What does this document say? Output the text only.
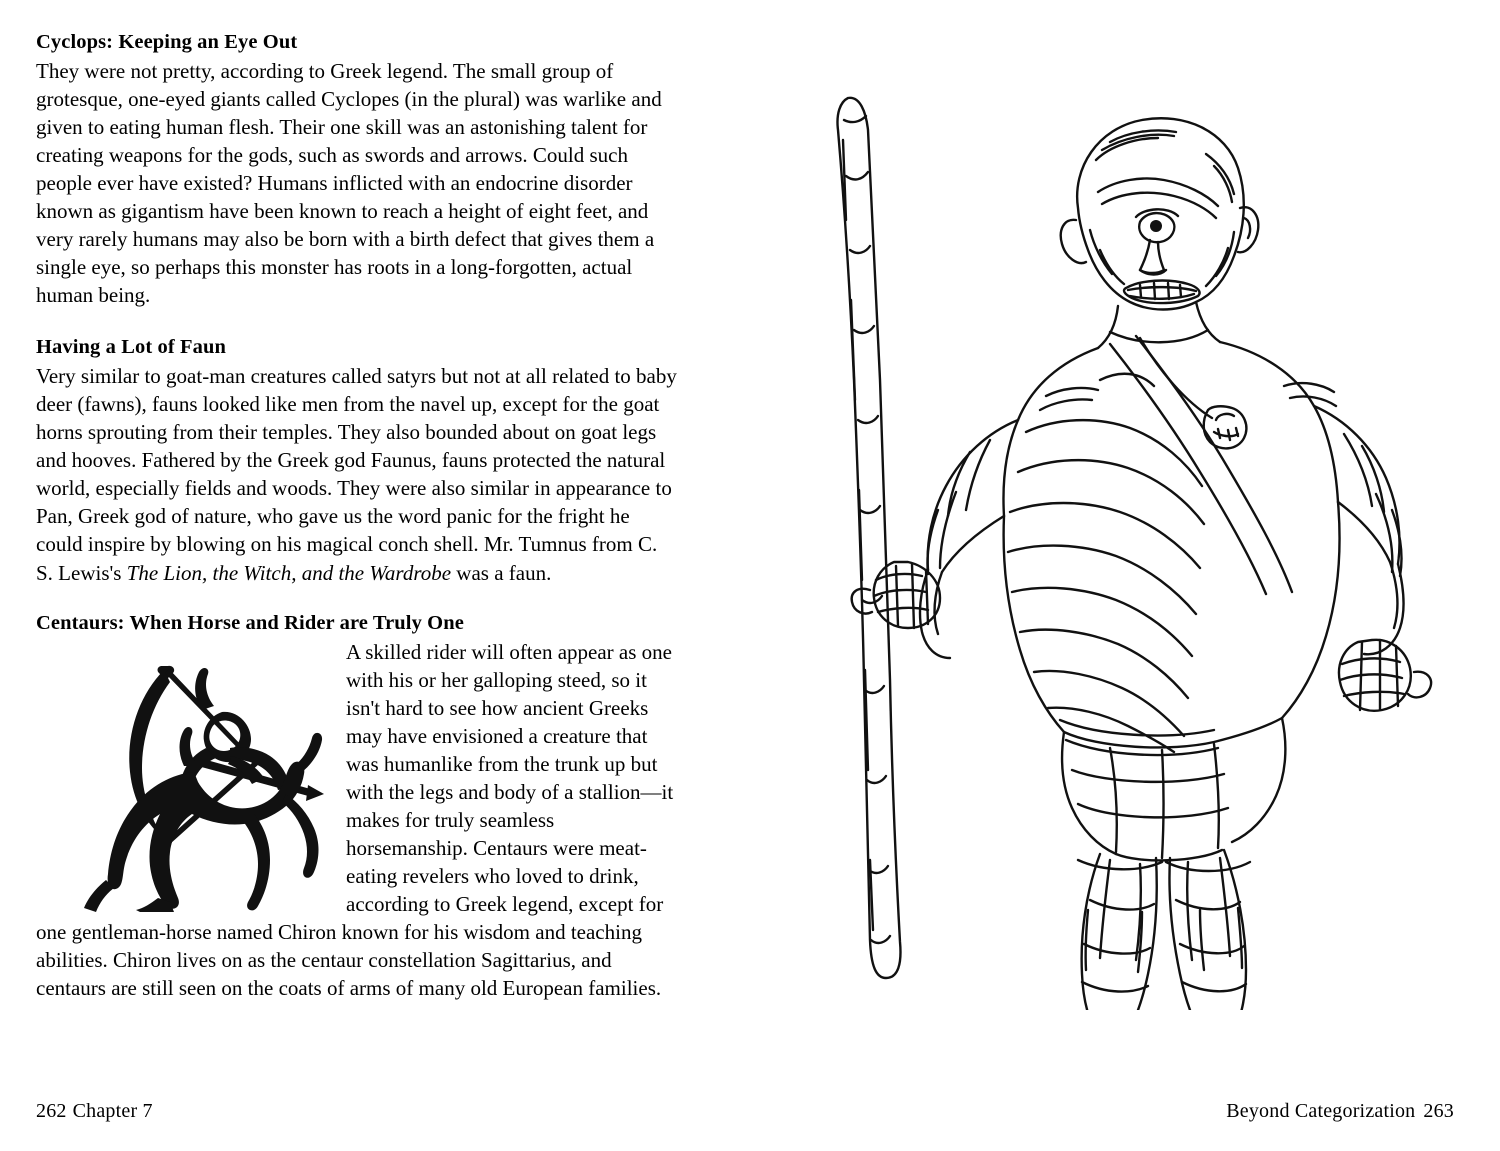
Cyclops: Keeping an Eye Out

They were not pretty, according to Greek legend. The small group of grotesque, one-eyed giants called Cyclopes (in the plural) was warlike and given to eating human flesh. Their one skill was an astonishing talent for creating weapons for the gods, such as swords and arrows. Could such people ever have existed? Humans inflicted with an endocrine disorder known as gigantism have been known to reach a height of eight feet, and very rarely humans may also be born with a birth defect that gives them a single eye, so perhaps this monster has roots in a long-forgotten, actual human being.

Having a Lot of Faun

Very similar to goat-man creatures called satyrs but not at all related to baby deer (fawns), fauns looked like men from the navel up, except for the goat horns sprouting from their temples. They also bounded about on goat legs and hooves. Fathered by the Greek god Faunus, fauns protected the natural world, especially fields and woods. They were also similar in appearance to Pan, Greek god of nature, who gave us the word panic for the fright he could inspire by blowing on his magical conch shell. Mr. Tumnus from C. S. Lewis's The Lion, the Witch, and the Wardrobe was a faun.

Centaurs: When Horse and Rider are Truly One

A skilled rider will often appear as one with his or her galloping steed, so it isn't hard to see how ancient Greeks may have envisioned a creature that was humanlike from the trunk up but with the legs and body of a stallion—it makes for truly seamless horsemanship. Centaurs were meat-eating revelers who loved to drink, according to Greek legend, except for

one gentleman-horse named Chiron known for his wisdom and teaching abilities. Chiron lives on as the centaur constellation Sagittarius, and centaurs are still seen on the coats of arms of many old European families.

262 Chapter 7	Beyond Categorization 263
